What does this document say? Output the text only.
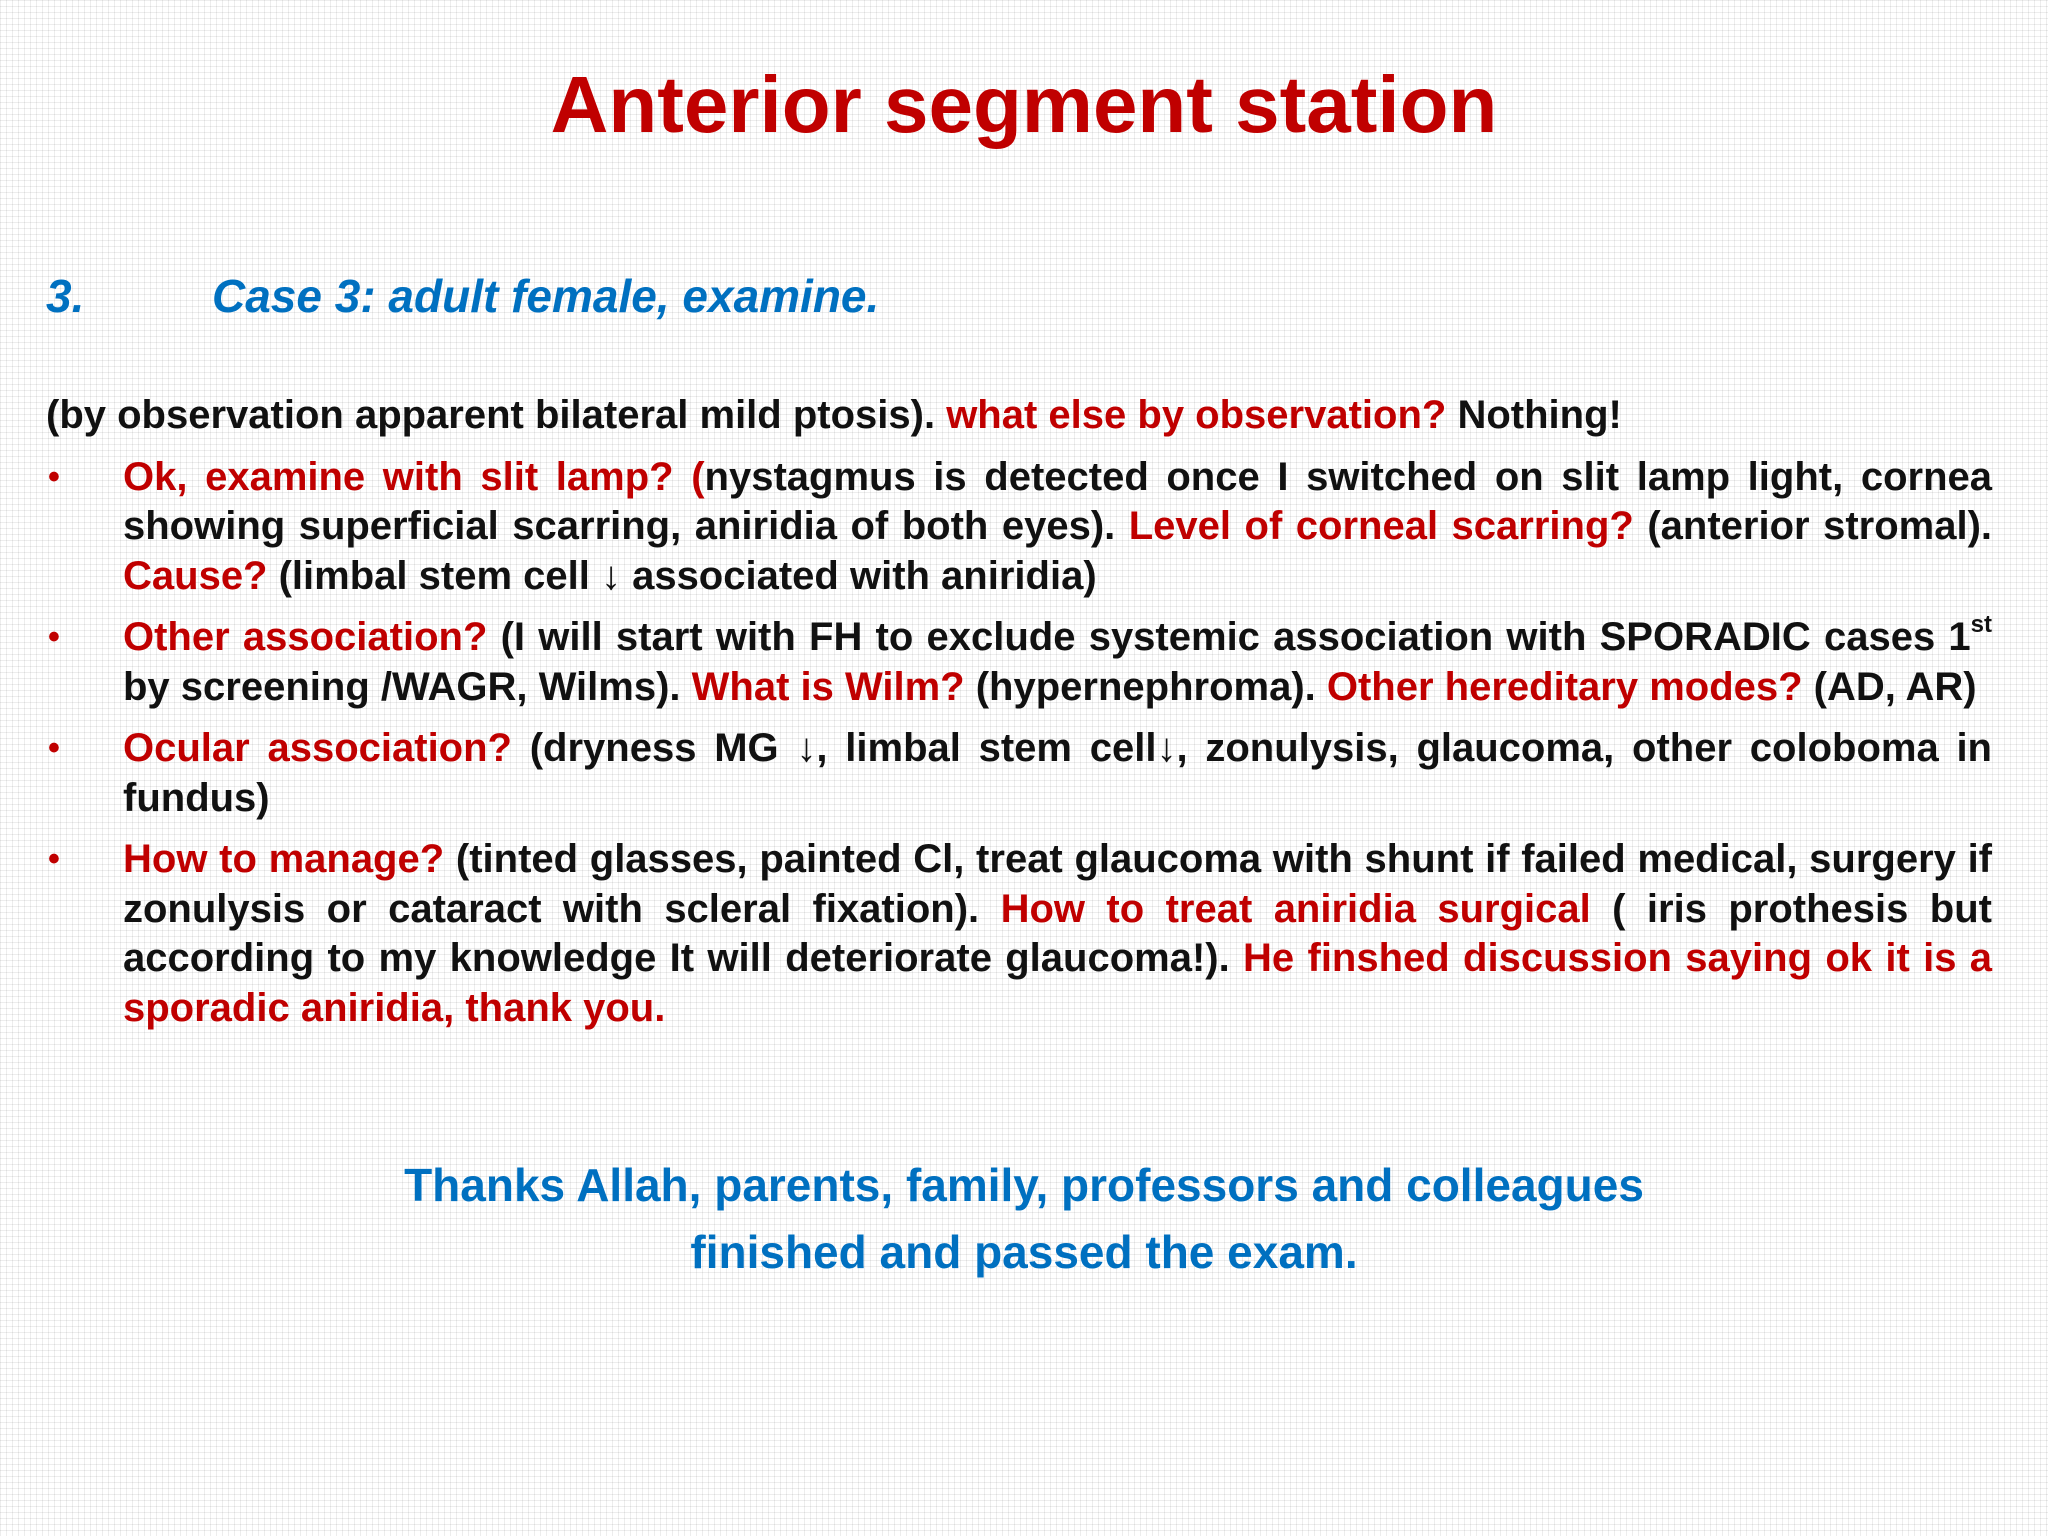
Anterior segment station
3.	Case 3: adult female, examine.
(by observation apparent bilateral mild ptosis). what else by observation? Nothing!
• Ok, examine with slit lamp? (nystagmus is detected once I switched on slit lamp light, cornea showing superficial scarring, aniridia of both eyes). Level of corneal scarring? (anterior stromal). Cause? (limbal stem cell ↓ associated with aniridia)
• Other association? (I will start with FH to exclude systemic association with SPORADIC cases 1st by screening /WAGR, Wilms). What is Wilm? (hypernephroma). Other hereditary modes? (AD, AR)
• Ocular association? (dryness MG ↓, limbal stem cell↓, zonulysis, glaucoma, other coloboma in fundus)
• How to manage? (tinted glasses, painted Cl, treat glaucoma with shunt if failed medical, surgery if zonulysis or cataract with scleral fixation). How to treat aniridia surgical ( iris prothesis but according to my knowledge It will deteriorate glaucoma!). He finshed discussion saying ok it is a sporadic aniridia, thank you.
Thanks Allah, parents, family, professors and colleagues
finished and passed the exam.
